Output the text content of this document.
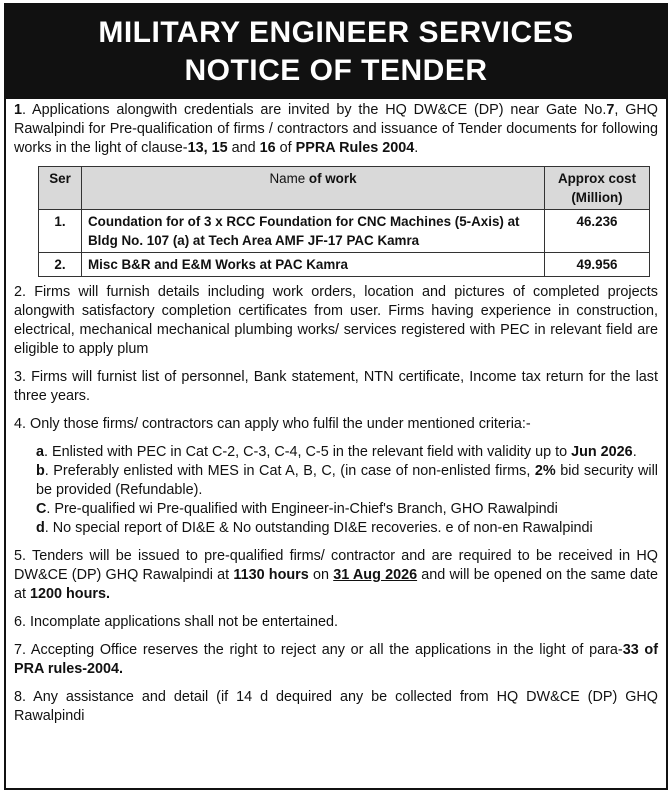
MILITARY ENGINEER SERVICES
NOTICE OF TENDER

1. Applications alongwith credentials are invited by the HQ DW&CE (DP) near Gate No.7, GHQ Rawalpindi for Pre-qualification of firms / contractors and issuance of Tender documents for following works in the light of clause-13, 15 and 16 of PPRA Rules 2004.

Ser	Name of work	Approx cost (Million)
1.	Coundation for of 3 x RCC Foundation for CNC Machines (5-Axis) at Bldg No. 107 (a) at Tech Area AMF JF-17 PAC Kamra	46.236
2.	Misc B&R and E&M Works at PAC Kamra	49.956

2. Firms will furnish details including work orders, location and pictures of completed projects alongwith satisfactory completion certificates from user. Firms having experience in construction, electrical, mechanical mechanical plumbing works/ services registered with PEC in relevant field are eligible to apply plum

3. Firms will furnist list of personnel, Bank statement, NTN certificate, Income tax return for the last three years.

4. Only those firms/ contractors can apply who fulfil the under mentioned criteria:-

a. Enlisted with PEC in Cat C-2, C-3, C-4, C-5 in the relevant field with validity up to Jun 2026.

b. Preferably enlisted with MES in Cat A, B, C, (in case of non-enlisted firms, 2% bid security will be provided (Refundable).

C. Pre-qualified wi Pre-qualified with Engineer-in-Chief's Branch, GHO Rawalpindi

d. No special report of DI&E & No outstanding DI&E recoveries. e of non-en Rawalpindi

5. Tenders will be issued to pre-qualified firms/ contractor and are required to be received in HQ DW&CE (DP) GHQ Rawalpindi at 1130 hours on 31 Aug 2026 and will be opened on the same date at 1200 hours.

6. Incomplate applications shall not be entertained.

7. Accepting Office reserves the right to reject any or all the applications in the light of para-33 of PRA rules-2004.

8. Any assistance and detail (if 14 d dequired any be collected from HQ DW&CE (DP) GHQ Rawalpindi
